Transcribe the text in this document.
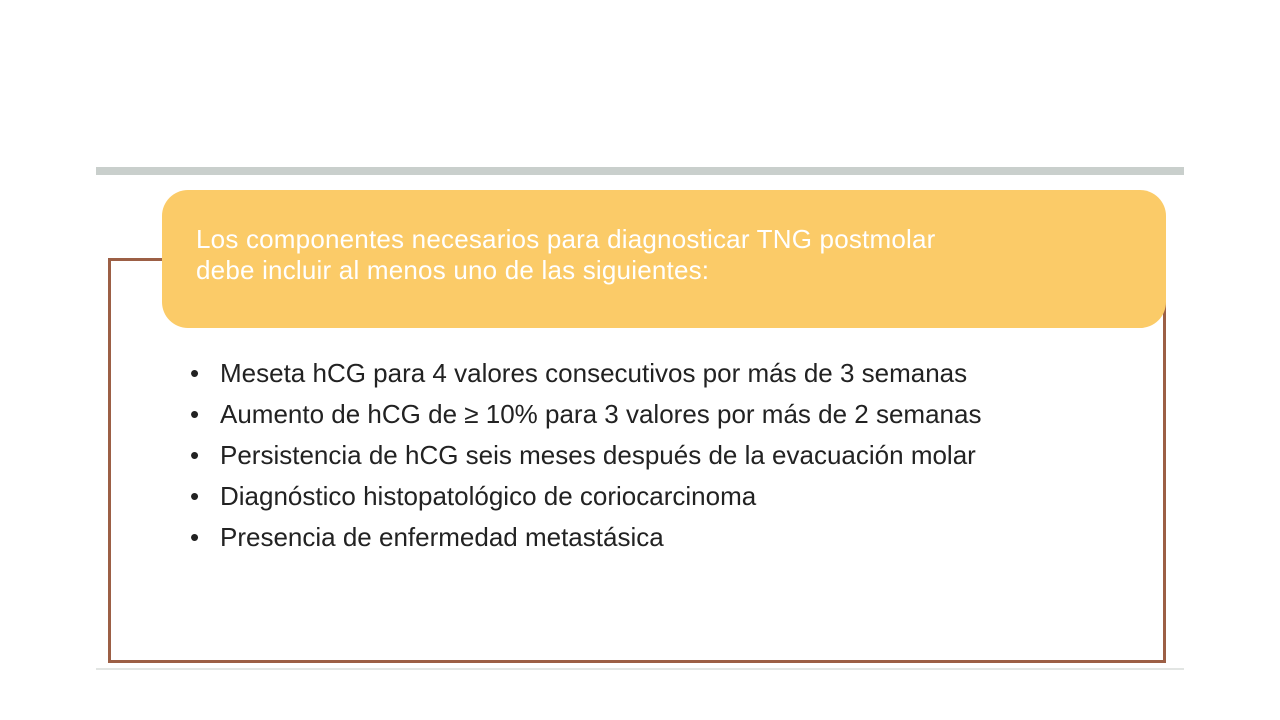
Los componentes necesarios para diagnosticar TNG postmolar
debe incluir al menos uno de las siguientes:
• Meseta hCG para 4 valores consecutivos por más de 3 semanas
• Aumento de hCG de ≥ 10% para 3 valores por más de 2 semanas
• Persistencia de hCG seis meses después de la evacuación molar
• Diagnóstico histopatológico de coriocarcinoma
• Presencia de enfermedad metastásica
